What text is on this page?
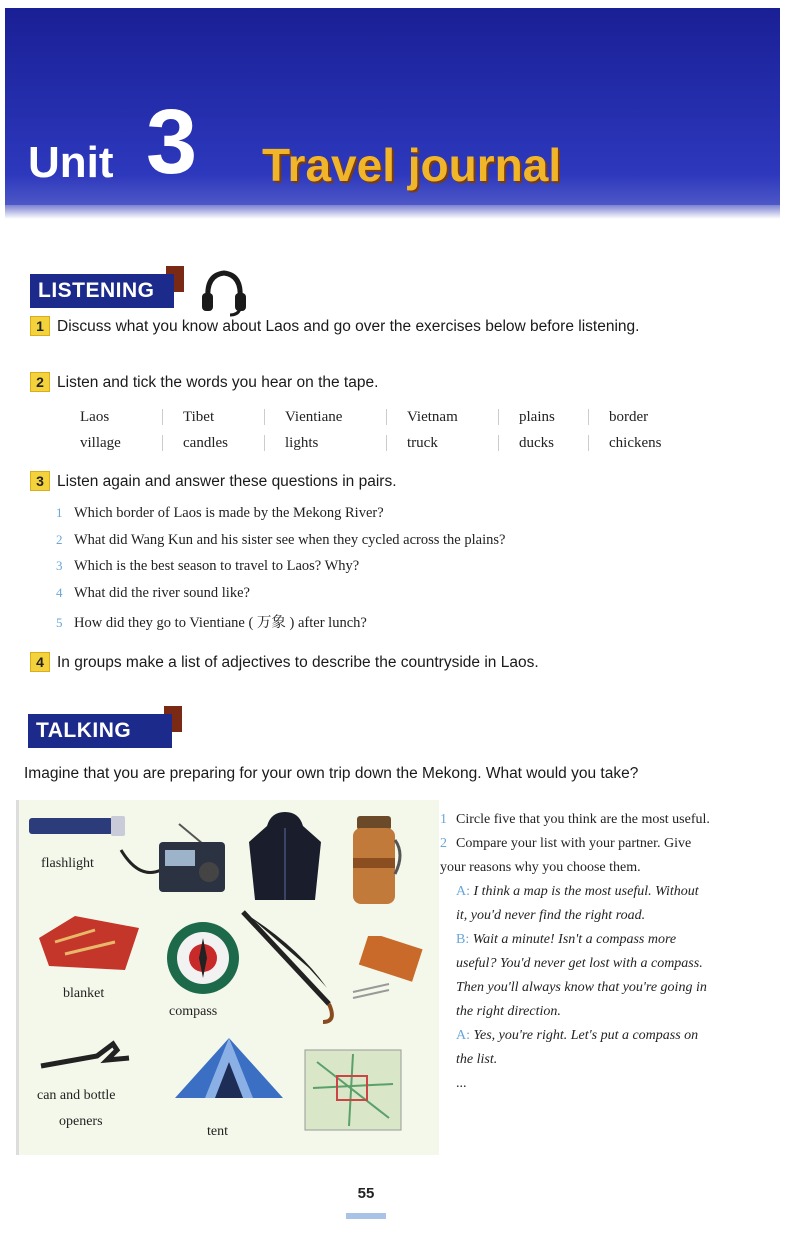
Unit 3 Travel journal
LISTENING
1 Discuss what you know about Laos and go over the exercises below before listening.
2 Listen and tick the words you hear on the tape.
Laos	Tibet	Vientiane	Vietnam	plains	border
village	candles	lights	truck	ducks	chickens
3 Listen again and answer these questions in pairs.
1 Which border of Laos is made by the Mekong River?
2 What did Wang Kun and his sister see when they cycled across the plains?
3 Which is the best season to travel to Laos? Why?
4 What did the river sound like?
5 How did they go to Vientiane ( 万象 ) after lunch?
4 In groups make a list of adjectives to describe the countryside in Laos.
TALKING
Imagine that you are preparing for your own trip down the Mekong. What would you take?
flashlight
blanket
compass
can and bottle
openers
tent
1 Circle five that you think are the most useful.
2 Compare your list with your partner. Give your reasons why you choose them.
A: I think a map is the most useful. Without it, you'd never find the right road.
B: Wait a minute! Isn't a compass more useful? You'd never get lost with a compass. Then you'll always know that you're going in the right direction.
A: Yes, you're right. Let's put a compass on the list.
...
55
